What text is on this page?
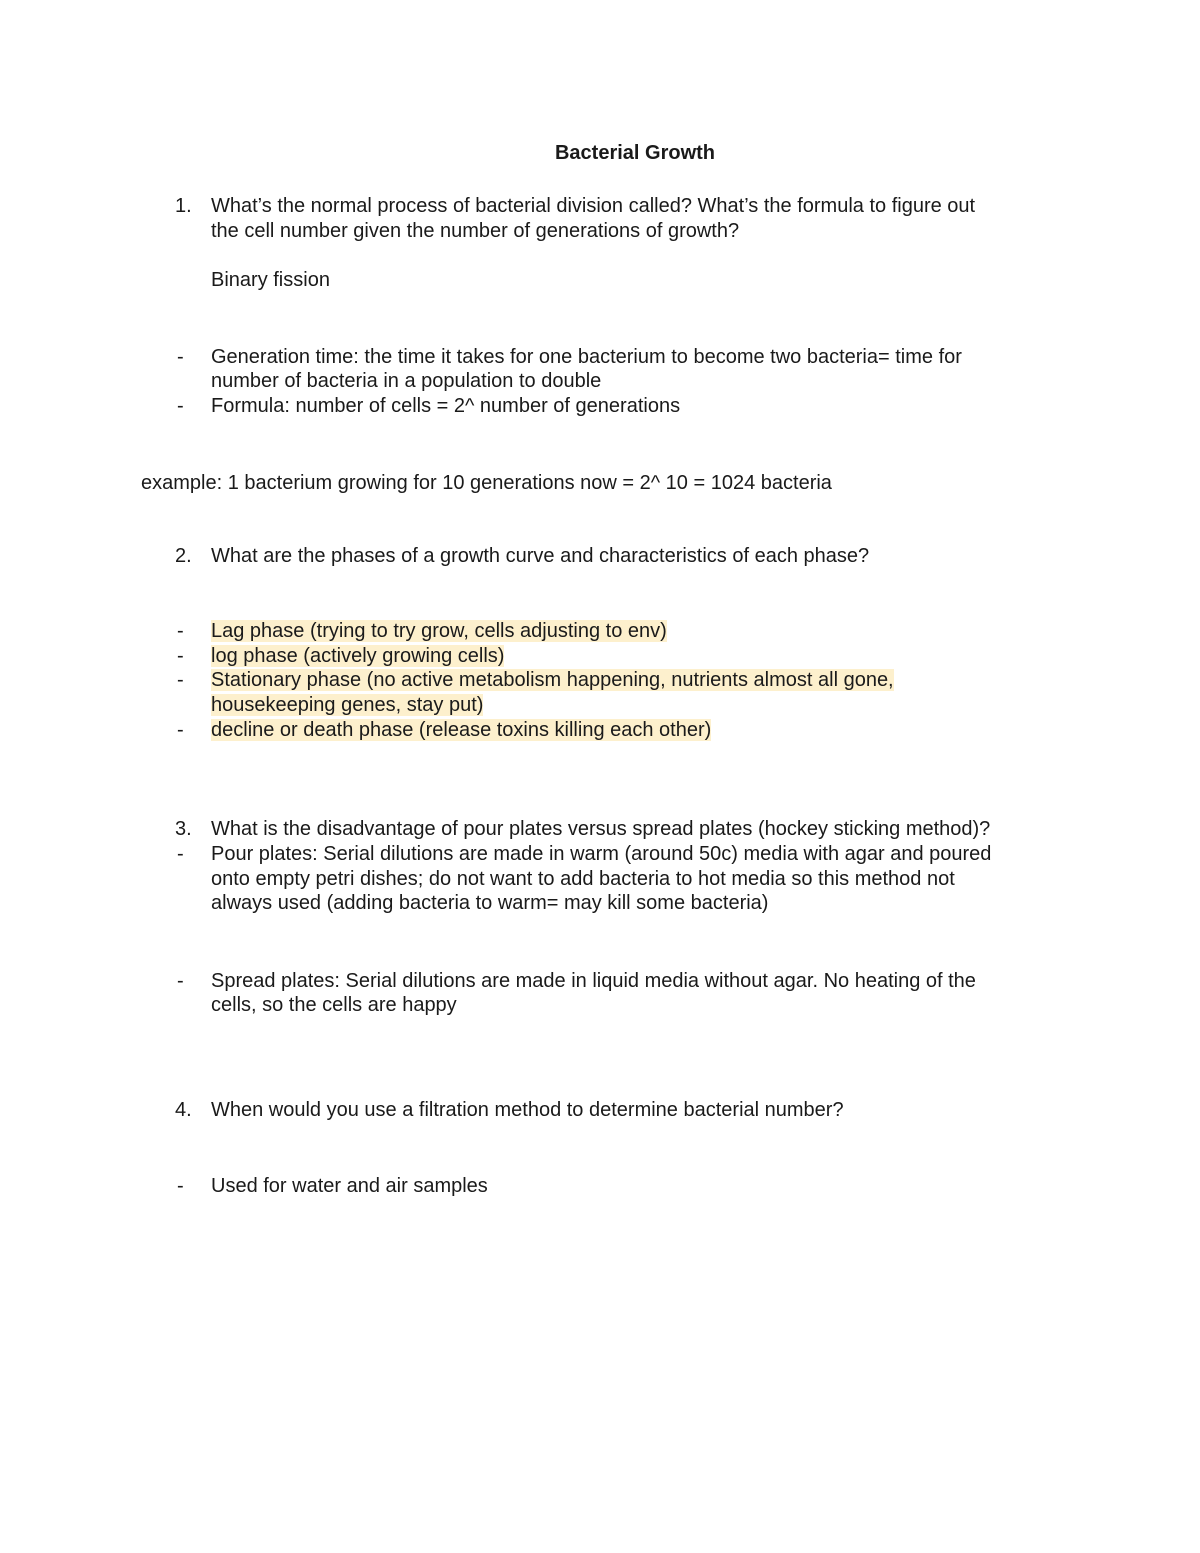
Bacterial Growth
1. What’s the normal process of bacterial division called? What’s the formula to figure out
the cell number given the number of generations of growth?
Binary fission
-	Generation time: the time it takes for one bacterium to become two bacteria= time for
number of bacteria in a population to double
-	Formula: number of cells = 2^ number of generations
example: 1 bacterium growing for 10 generations now = 2^ 10 = 1024 bacteria
2. What are the phases of a growth curve and characteristics of each phase?
-	Lag phase (trying to try grow, cells adjusting to env)
-	log phase (actively growing cells)
-	Stationary phase (no active metabolism happening, nutrients almost all gone,
housekeeping genes, stay put)
-	decline or death phase (release toxins killing each other)
3. What is the disadvantage of pour plates versus spread plates (hockey sticking method)?
-	Pour plates: Serial dilutions are made in warm (around 50c) media with agar and poured
onto empty petri dishes; do not want to add bacteria to hot media so this method not
always used (adding bacteria to warm= may kill some bacteria)
-	Spread plates: Serial dilutions are made in liquid media without agar. No heating of the
cells, so the cells are happy
4. When would you use a filtration method to determine bacterial number?
-	Used for water and air samples
